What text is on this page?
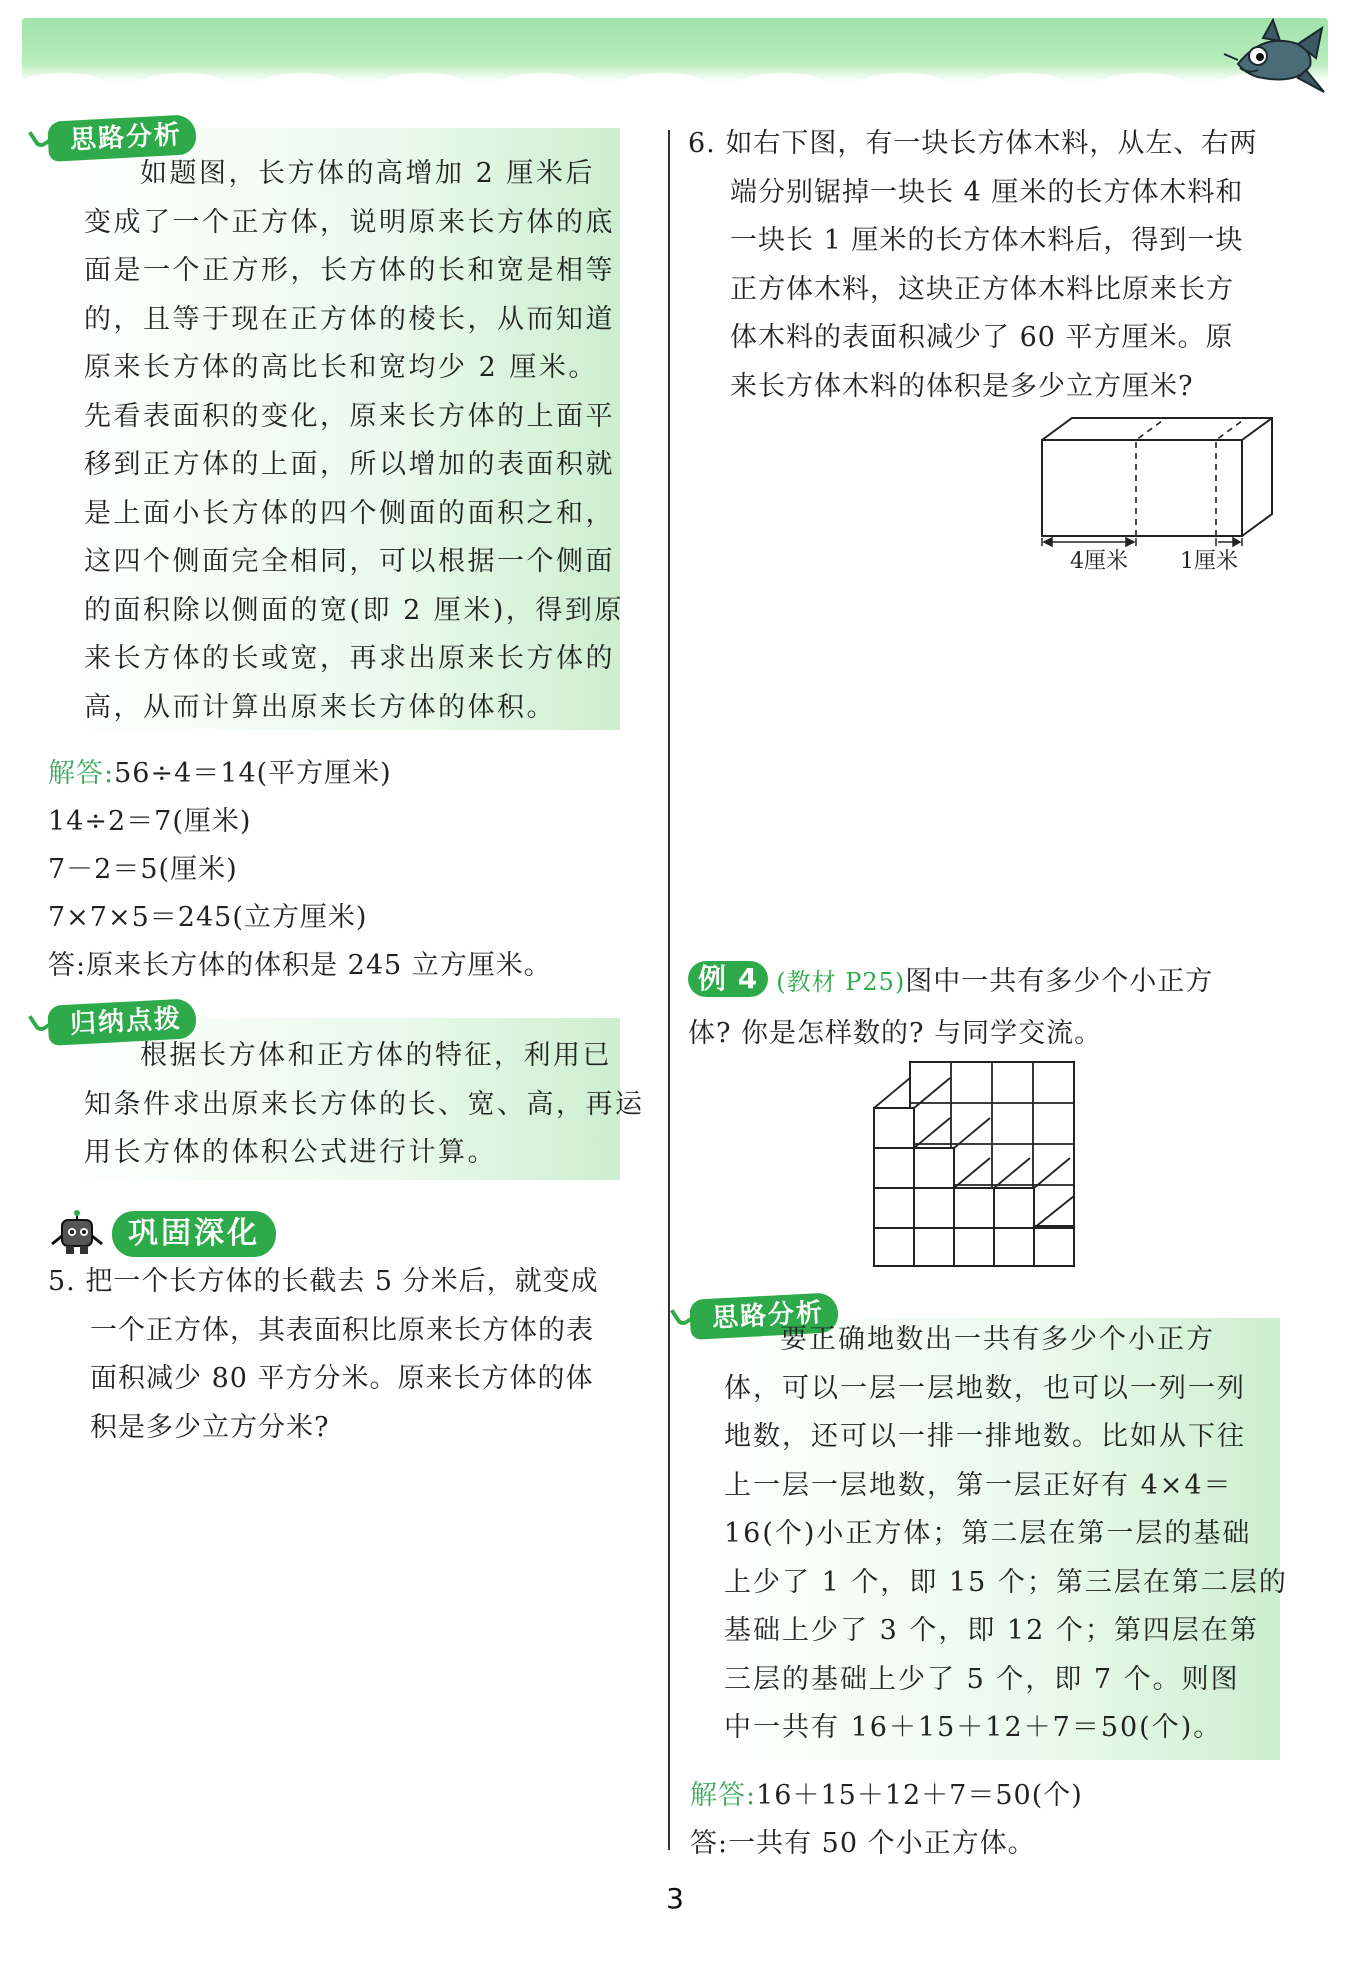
思路分析
如题图，长方体的高增加 2 厘米后
变成了一个正方体，说明原来长方体的底
面是一个正方形，长方体的长和宽是相等
的，且等于现在正方体的棱长，从而知道
原来长方体的高比长和宽均少 2 厘米。
先看表面积的变化，原来长方体的上面平
移到正方体的上面，所以增加的表面积就
是上面小长方体的四个侧面的面积之和，
这四个侧面完全相同，可以根据一个侧面
的面积除以侧面的宽(即 2 厘米)，得到原
来长方体的长或宽，再求出原来长方体的
高，从而计算出原来长方体的体积。
解答:56÷4＝14(平方厘米)
14÷2＝7(厘米)
7－2＝5(厘米)
7×7×5＝245(立方厘米)
答:原来长方体的体积是 245 立方厘米。
归纳点拨
根据长方体和正方体的特征，利用已
知条件求出原来长方体的长、宽、高，再运
用长方体的体积公式进行计算。
巩固深化
5. 把一个长方体的长截去 5 分米后，就变成
一个正方体，其表面积比原来长方体的表
面积减少 80 平方分米。原来长方体的体
积是多少立方分米?
6. 如右下图，有一块长方体木料，从左、右两
端分别锯掉一块长 4 厘米的长方体木料和
一块长 1 厘米的长方体木料后，得到一块
正方体木料，这块正方体木料比原来长方
体木料的表面积减少了 60 平方厘米。原
来长方体木料的体积是多少立方厘米?
4厘米 1厘米
例 4 (教材 P25)图中一共有多少个小正方
体? 你是怎样数的? 与同学交流。
思路分析
要正确地数出一共有多少个小正方
体，可以一层一层地数，也可以一列一列
地数，还可以一排一排地数。比如从下往
上一层一层地数，第一层正好有 4×4＝
16(个)小正方体；第二层在第一层的基础
上少了 1 个，即 15 个；第三层在第二层的
基础上少了 3 个，即 12 个；第四层在第
三层的基础上少了 5 个，即 7 个。则图
中一共有 16＋15＋12＋7＝50(个)。
解答:16＋15＋12＋7＝50(个)
答:一共有 50 个小正方体。
3
